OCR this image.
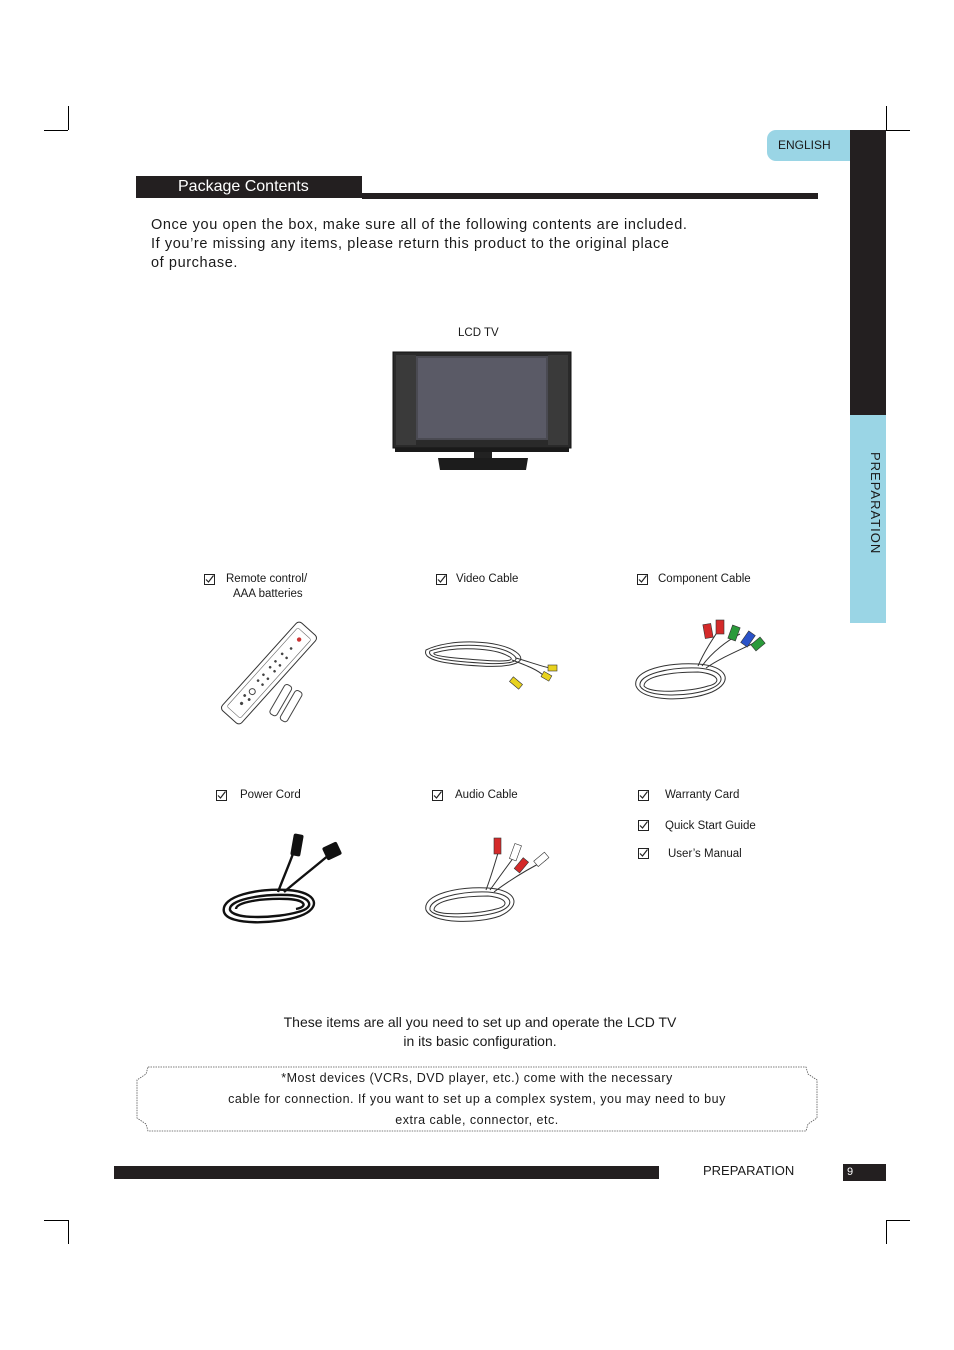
PREPARATION
ENGLISH
Package Contents
Once you open the box, make sure all of the following contents are included.
If you’re missing any items, please return this product to the original place
of purchase.
LCD TV
Remote control/
AAA batteries
Video Cable	Component Cable
Power Cord	Audio Cable	Warranty Card
Quick Start Guide
User’s Manual
These items are all you need to set up and operate the LCD TV
in its basic configuration.
*Most devices (VCRs, DVD player, etc.) come with the necessary
cable for connection. If you want to set up a complex system, you may need to buy
extra cable, connector, etc.
PREPARATION	9
